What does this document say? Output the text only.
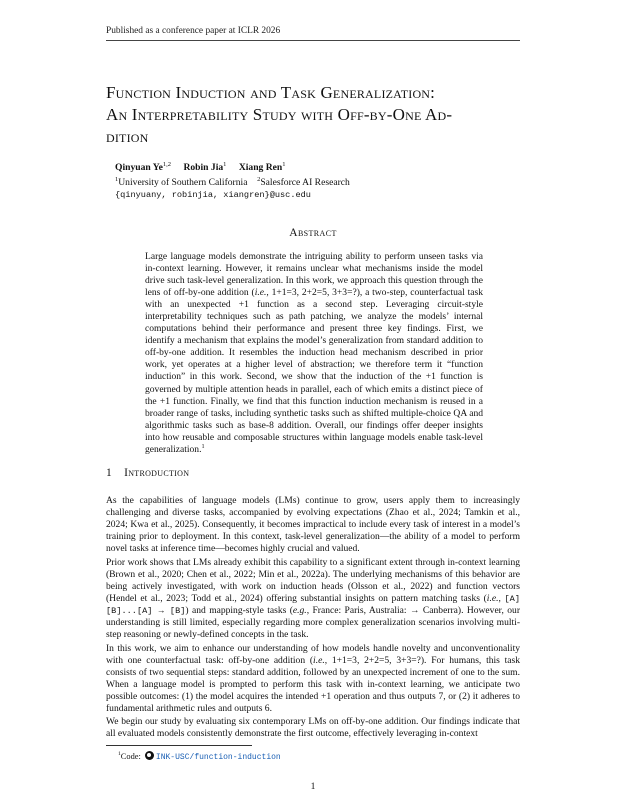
Published as a conference paper at ICLR 2026
Function Induction and Task Generalization:
An Interpretability Study with Off-by-One Ad-
dition
Qinyuan Ye$^{1,2}$ Robin Jia$^1$ Xiang Ren$^1$
$^1$University of Southern California $^2$Salesforce AI Research
{qinyuany, robinjia, xiangren}@usc.edu
Abstract

Large language models demonstrate the intriguing ability to perform unseen tasks via in-context learning. However, it remains unclear what mechanisms inside the model drive such task-level generalization. In this work, we approach this question through the lens of off-by-one addition (i.e., 1+1=3, 2+2=5, 3+3=?), a two-step, counterfactual task with an unexpected +1 function as a second step. Leveraging circuit-style interpretability techniques such as path patching, we analyze the models’ internal computations behind their performance and present three key findings. First, we identify a mechanism that explains the model’s generalization from standard addition to off-by-one addition. It resembles the induction head mechanism described in prior work, yet operates at a higher level of abstraction; we therefore term it “function induction” in this work. Second, we show that the induction of the +1 function is governed by multiple attention heads in parallel, each of which emits a distinct piece of the +1 function. Finally, we find that this function induction mechanism is reused in a broader range of tasks, including synthetic tasks such as shifted multiple-choice QA and algorithmic tasks such as base-8 addition. Overall, our findings offer deeper insights into how reusable and composable structures within language models enable task-level generalization.$^1$

1 Introduction

As the capabilities of language models (LMs) continue to grow, users apply them to increasingly challenging and diverse tasks, accompanied by evolving expectations (Zhao et al., 2024; Tamkin et al., 2024; Kwa et al., 2025). Consequently, it becomes impractical to include every task of interest in a model’s training prior to deployment. In this context, task-level generalization—the ability of a model to perform novel tasks at inference time—becomes highly crucial and valued.

Prior work shows that LMs already exhibit this capability to a significant extent through in-context learning (Brown et al., 2020; Chen et al., 2022; Min et al., 2022a). The underlying mechanisms of this behavior are being actively investigated, with work on induction heads (Olsson et al., 2022) and function vectors (Hendel et al., 2023; Todd et al., 2024) offering substantial insights on pattern matching tasks (i.e., [A][B]...[A] → [B]) and mapping-style tasks (e.g., France: Paris, Australia: → Canberra). However, our understanding is still limited, especially regarding more complex generalization scenarios involving multi-step reasoning or newly-defined concepts in the task.

In this work, we aim to enhance our understanding of how models handle novelty and unconventionality with one counterfactual task: off-by-one addition (i.e., 1+1=3, 2+2=5, 3+3=?). For humans, this task consists of two sequential steps: standard addition, followed by an unexpected increment of one to the sum. When a language model is prompted to perform this task with in-context learning, we anticipate two possible outcomes: (1) the model acquires the intended +1 operation and thus outputs 7, or (2) it adheres to fundamental arithmetic rules and outputs 6.

We begin our study by evaluating six contemporary LMs on off-by-one addition. Our findings indicate that all evaluated models consistently demonstrate the first outcome, effectively leveraging in-context

$^1$Code: INK-USC/function-induction
1
